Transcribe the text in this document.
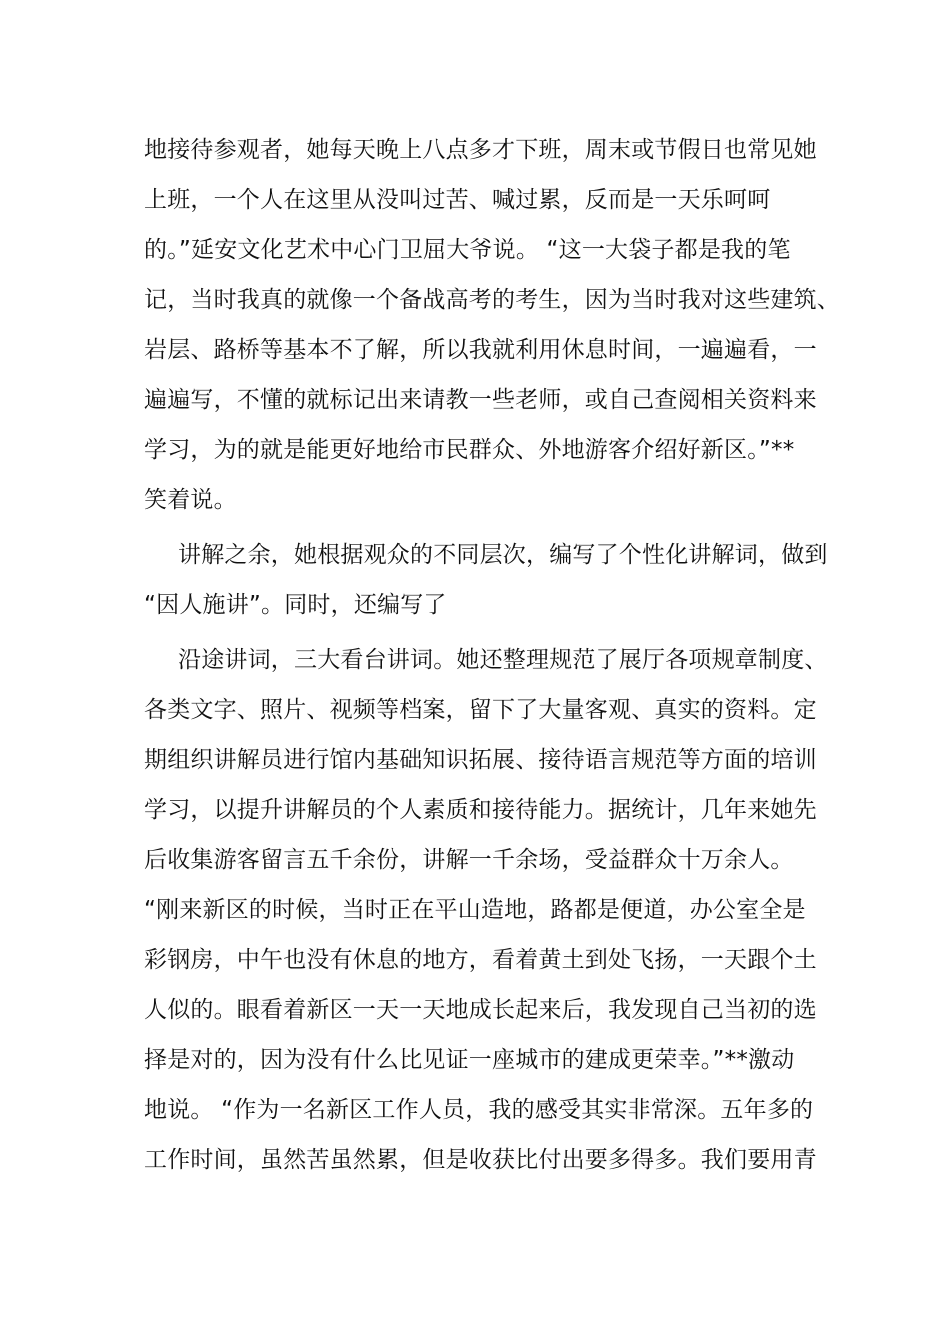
地接待参观者，她每天晚上八点多才下班，周末或节假日也常见她
上班，一个人在这里从没叫过苦、喊过累，反而是一天乐呵呵
的。”延安文化艺术中心门卫屈大爷说。 “这一大袋子都是我的笔
记，当时我真的就像一个备战高考的考生，因为当时我对这些建筑、
岩层、路桥等基本不了解，所以我就利用休息时间，一遍遍看，一
遍遍写，不懂的就标记出来请教一些老师，或自己查阅相关资料来
学习，为的就是能更好地给市民群众、外地游客介绍好新区。”**
笑着说。
讲解之余，她根据观众的不同层次，编写了个性化讲解词，做到
“因人施讲”。同时，还编写了
沿途讲词，三大看台讲词。她还整理规范了展厅各项规章制度、
各类文字、照片、视频等档案，留下了大量客观、真实的资料。定
期组织讲解员进行馆内基础知识拓展、接待语言规范等方面的培训
学习，以提升讲解员的个人素质和接待能力。据统计，几年来她先
后收集游客留言五千余份，讲解一千余场，受益群众十万余人。
“刚来新区的时候，当时正在平山造地，路都是便道，办公室全是
彩钢房，中午也没有休息的地方，看着黄土到处飞扬，一天跟个土
人似的。眼看着新区一天一天地成长起来后，我发现自己当初的选
择是对的，因为没有什么比见证一座城市的建成更荣幸。”**激动
地说。 “作为一名新区工作人员，我的感受其实非常深。五年多的
工作时间，虽然苦虽然累，但是收获比付出要多得多。我们要用青
